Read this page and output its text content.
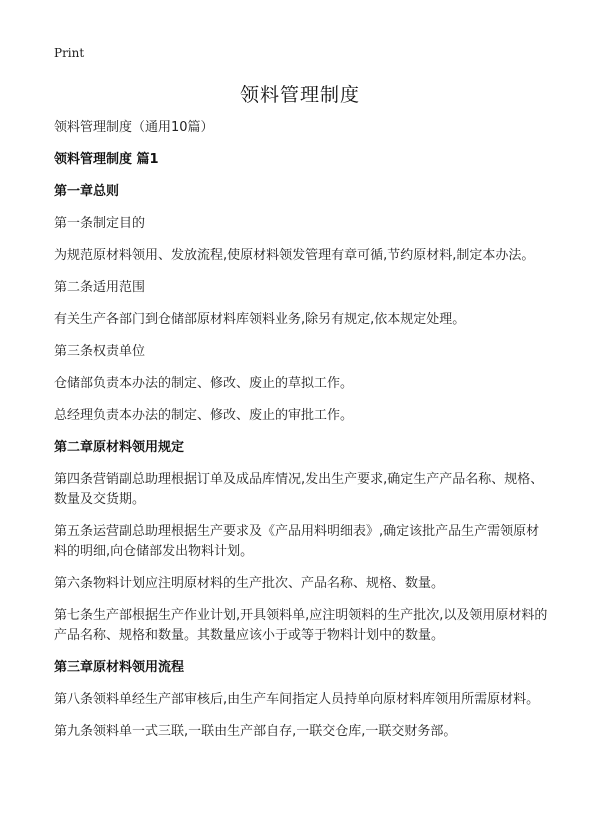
Print
领料管理制度

领料管理制度（通用10篇）

领料管理制度 篇1

第一章总则

第一条制定目的

为规范原材料领用、发放流程,使原材料领发管理有章可循,节约原材料,制定本办法。

第二条适用范围

有关生产各部门到仓储部原材料库领料业务,除另有规定,依本规定处理。

第三条权责单位

仓储部负责本办法的制定、修改、废止的草拟工作。

总经理负责本办法的制定、修改、废止的审批工作。

第二章原材料领用规定

第四条营销副总助理根据订单及成品库情况,发出生产要求,确定生产产品名称、规格、数量及交货期。

第五条运营副总助理根据生产要求及《产品用料明细表》,确定该批产品生产需领原材料的明细,向仓储部发出物料计划。

第六条物料计划应注明原材料的生产批次、产品名称、规格、数量。

第七条生产部根据生产作业计划,开具领料单,应注明领料的生产批次,以及领用原材料的产品名称、规格和数量。其数量应该小于或等于物料计划中的数量。

第三章原材料领用流程

第八条领料单经生产部审核后,由生产车间指定人员持单向原材料库领用所需原材料。

第九条领料单一式三联,一联由生产部自存,一联交仓库,一联交财务部。
